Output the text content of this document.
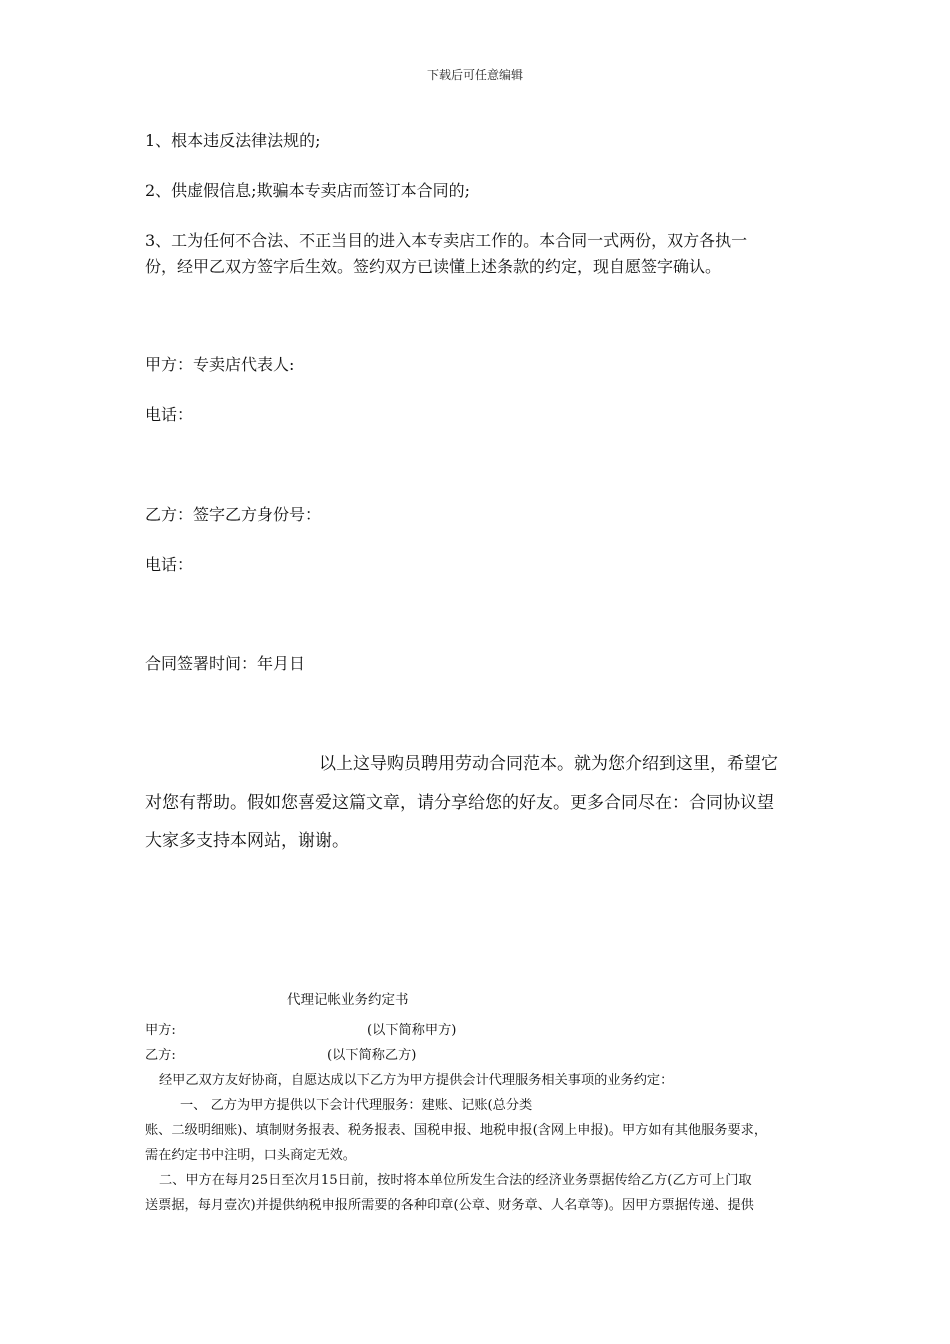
下载后可任意编辑
1、根本违反法律法规的;
2、供虚假信息;欺骗本专卖店而签订本合同的;
3、工为任何不合法、不正当目的进入本专卖店工作的。本合同一式两份，双方各执一
份，经甲乙双方签字后生效。签约双方已读懂上述条款的约定，现自愿签字确认。
甲方：专卖店代表人:
电话：
乙方：签字乙方身份号：
电话：
合同签署时间：年月日
以上这导购员聘用劳动合同范本。就为您介绍到这里，希望它
对您有帮助。假如您喜爱这篇文章，请分享给您的好友。更多合同尽在：合同协议望
大家多支持本网站，谢谢。
代理记帐业务约定书
甲方:	(以下简称甲方)
乙方:	(以下简称乙方)
经甲乙双方友好协商，自愿达成以下乙方为甲方提供会计代理服务相关事项的业务约定：
一、 乙方为甲方提供以下会计代理服务：建账、记账(总分类
账、二级明细账)、填制财务报表、税务报表、国税申报、地税申报(含网上申报)。甲方如有其他服务要求，
需在约定书中注明，口头商定无效。
二、甲方在每月25日至次月15日前，按时将本单位所发生合法的经济业务票据传给乙方(乙方可上门取
送票据，每月壹次)并提供纳税申报所需要的各种印章(公章、财务章、人名章等)。因甲方票据传递、提供
